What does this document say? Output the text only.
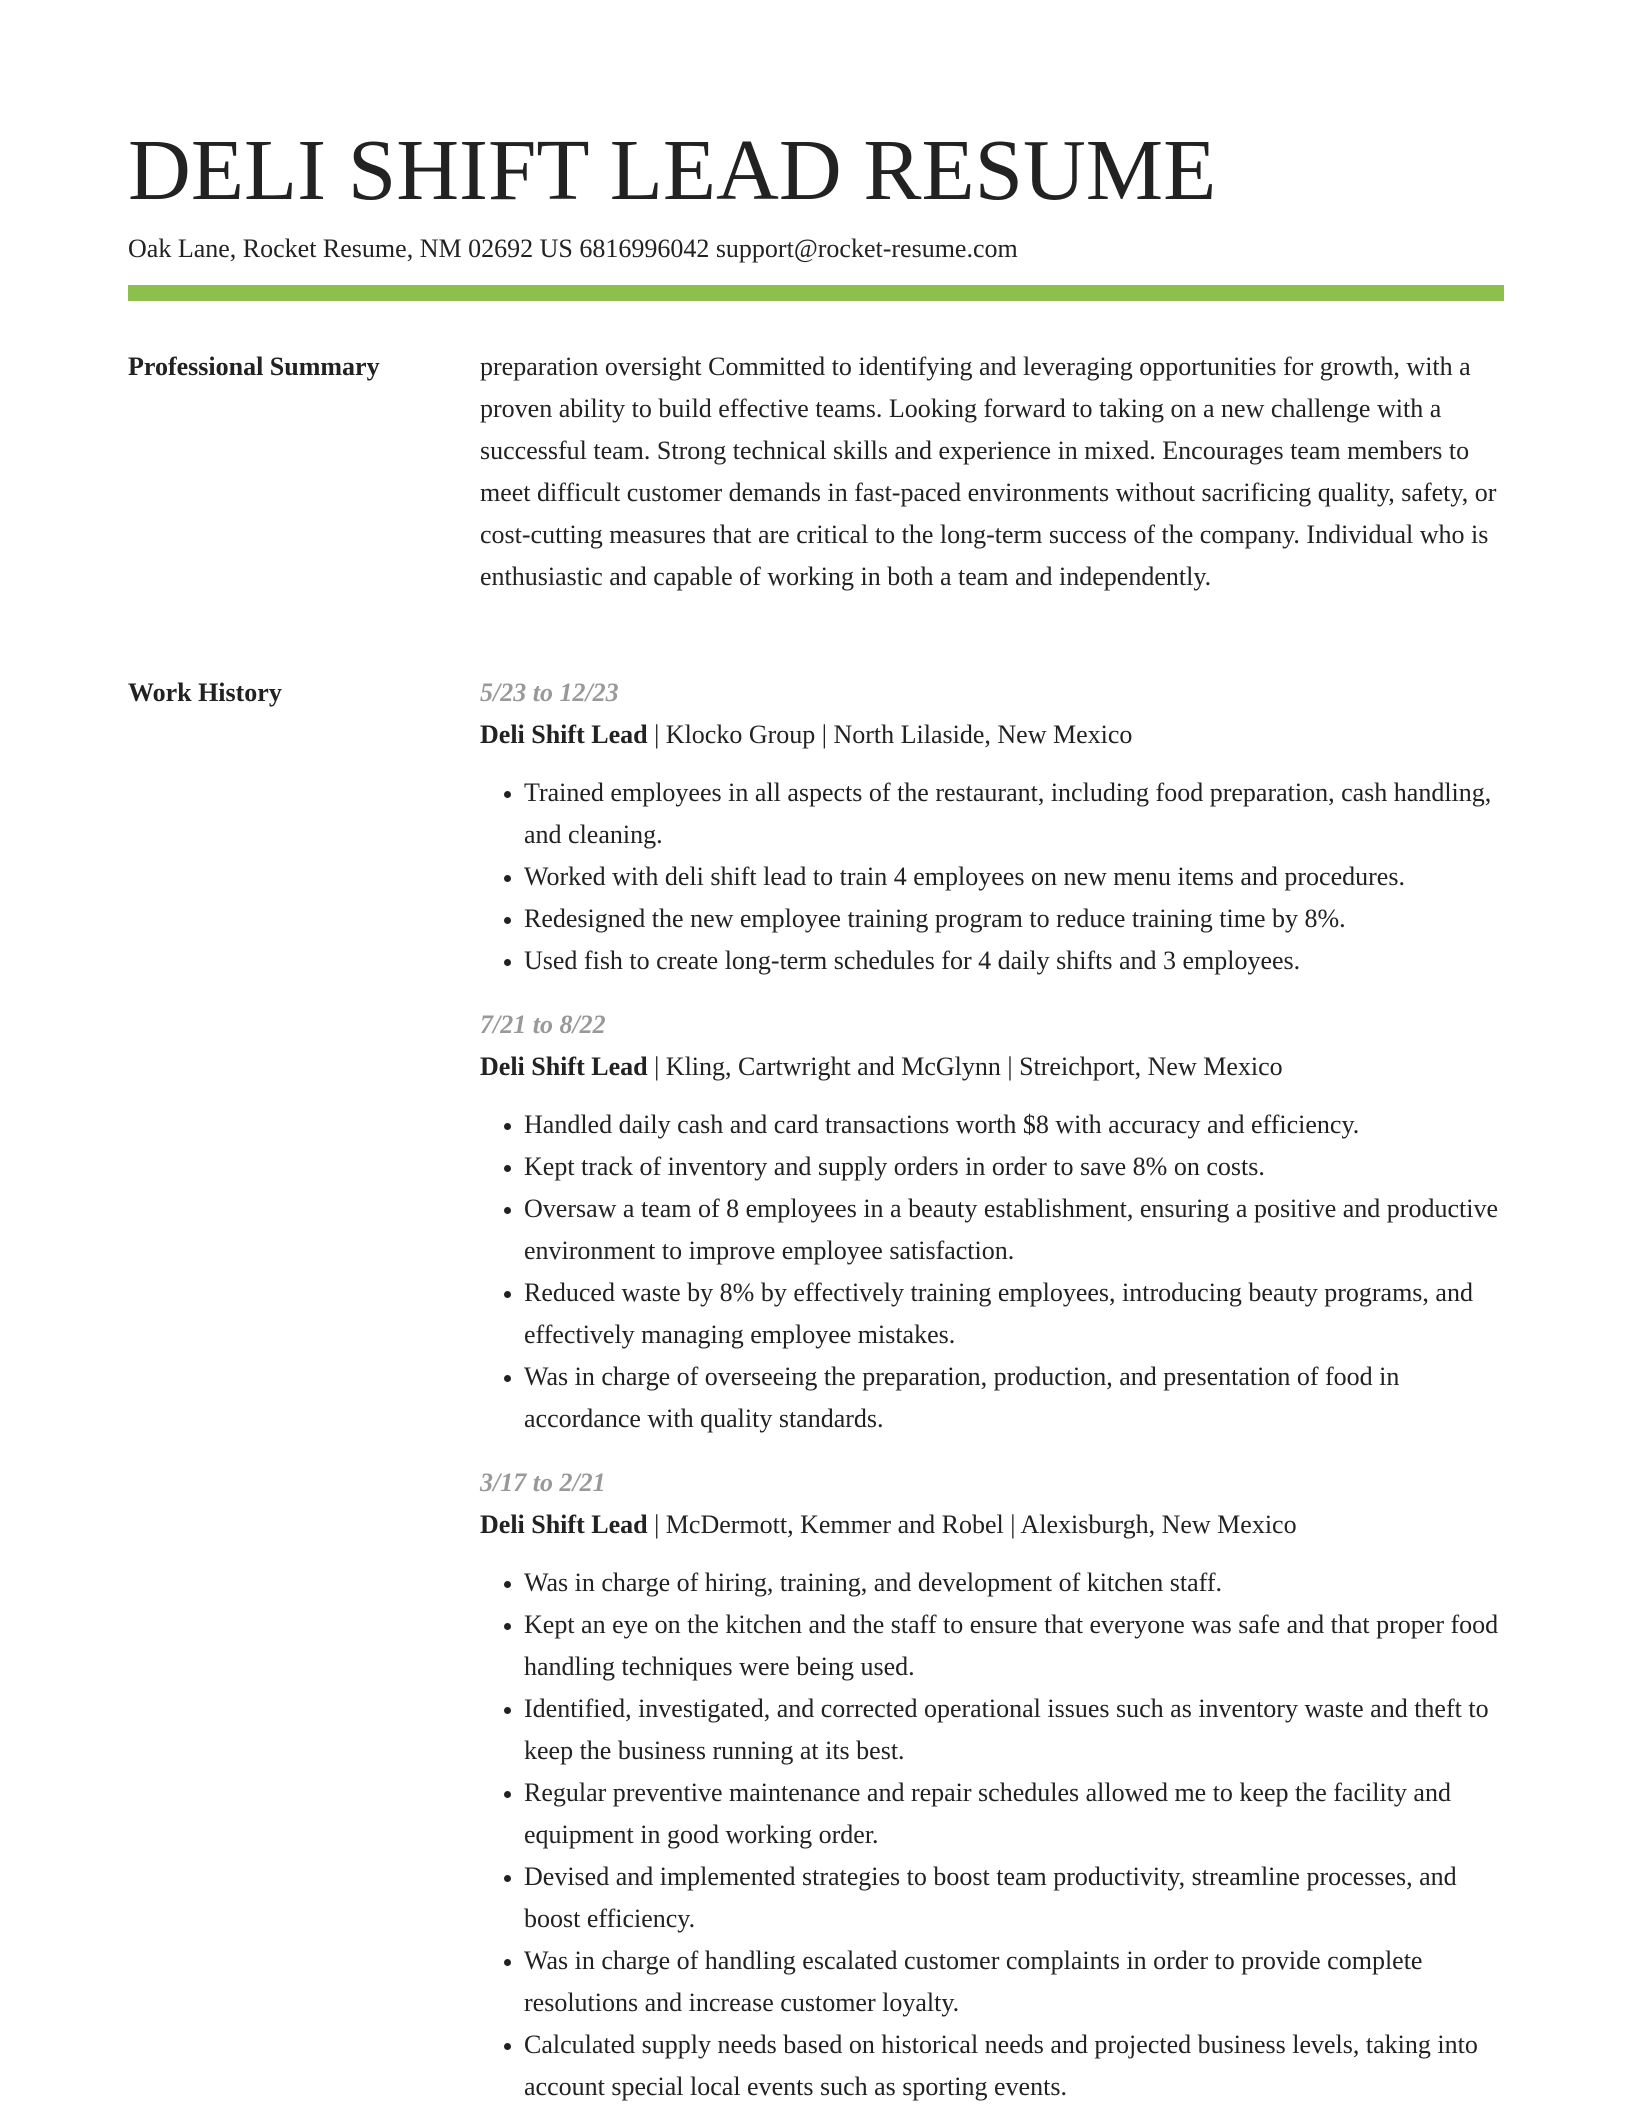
DELI SHIFT LEAD RESUME
Oak Lane, Rocket Resume, NM 02692 US 6816996042 support@rocket-resume.com
Professional Summary	preparation oversight Committed to identifying and leveraging opportunities for growth, with a proven ability to build effective teams. Looking forward to taking on a new challenge with a successful team. Strong technical skills and experience in mixed. Encourages team members to meet difficult customer demands in fast-paced environments without sacrificing quality, safety, or cost-cutting measures that are critical to the long-term success of the company. Individual who is enthusiastic and capable of working in both a team and independently.

Work History	5/23 to 12/23
Deli Shift Lead | Klocko Group | North Lilaside, New Mexico
• Trained employees in all aspects of the restaurant, including food preparation, cash handling, and cleaning.
• Worked with deli shift lead to train 4 employees on new menu items and procedures.
• Redesigned the new employee training program to reduce training time by 8%.
• Used fish to create long-term schedules for 4 daily shifts and 3 employees.
7/21 to 8/22
Deli Shift Lead | Kling, Cartwright and McGlynn | Streichport, New Mexico
• Handled daily cash and card transactions worth $8 with accuracy and efficiency.
• Kept track of inventory and supply orders in order to save 8% on costs.
• Oversaw a team of 8 employees in a beauty establishment, ensuring a positive and productive environment to improve employee satisfaction.
• Reduced waste by 8% by effectively training employees, introducing beauty programs, and effectively managing employee mistakes.
• Was in charge of overseeing the preparation, production, and presentation of food in accordance with quality standards.
3/17 to 2/21
Deli Shift Lead | McDermott, Kemmer and Robel | Alexisburgh, New Mexico
• Was in charge of hiring, training, and development of kitchen staff.
• Kept an eye on the kitchen and the staff to ensure that everyone was safe and that proper food handling techniques were being used.
• Identified, investigated, and corrected operational issues such as inventory waste and theft to keep the business running at its best.
• Regular preventive maintenance and repair schedules allowed me to keep the facility and equipment in good working order.
• Devised and implemented strategies to boost team productivity, streamline processes, and boost efficiency.
• Was in charge of handling escalated customer complaints in order to provide complete resolutions and increase customer loyalty.
• Calculated supply needs based on historical needs and projected business levels, taking into account special local events such as sporting events.
